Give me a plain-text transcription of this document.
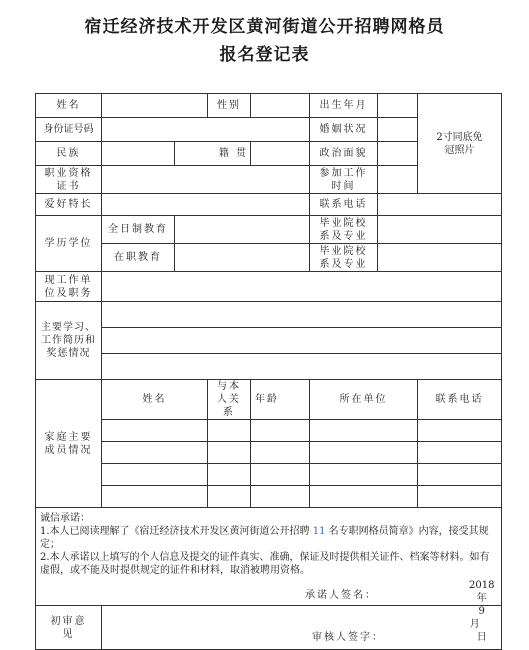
宿迁经济技术开发区黄河街道公开招聘网格员
报名登记表
姓名			性别		出生年月		2寸同底免冠照片
身份证号码					婚姻状况		
民族		籍 贯			政治面貌		
职业资格证书					参加工作时间		
爱好特长					联系电话		
学历学位	全日制教育				毕业院校系及专业		
	在职教育				毕业院校系及专业		
现工作单位及职务							
主要学习、工作简历和奖惩情况							

家庭主要成员情况	姓名		与本人关系	年龄	所在单位		联系电话

诚信承诺：

1.本人已阅读理解了《宿迁经济技术开发区黄河街道公开招聘 11 名专职网格员简章》内容，接受其规定；

2.本人承诺以上填写的个人信息及提交的证件真实、准确，保证及时提供相关证件、档案等材料。如有虚假，或不能及时提供规定的证件和材料，取消被聘用资格。

承诺人签名：							

初审意见	审核人签字：
2018 年 9 月 日						
